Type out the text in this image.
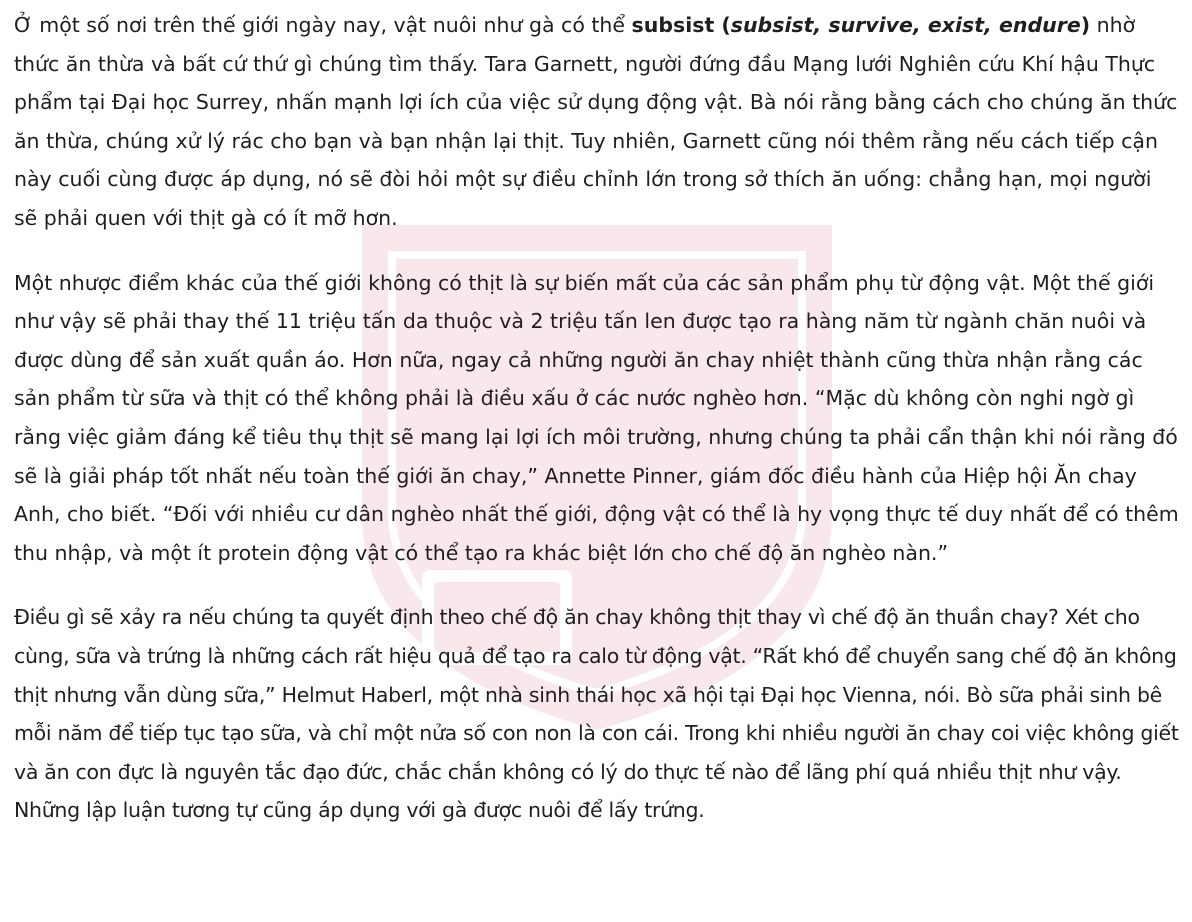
Ở một số nơi trên thế giới ngày nay, vật nuôi như gà có thể subsist (subsist, survive, exist, endure) nhờ thức ăn thừa và bất cứ thứ gì chúng tìm thấy. Tara Garnett, người đứng đầu Mạng lưới Nghiên cứu Khí hậu Thực phẩm tại Đại học Surrey, nhấn mạnh lợi ích của việc sử dụng động vật. Bà nói rằng bằng cách cho chúng ăn thức ăn thừa, chúng xử lý rác cho bạn và bạn nhận lại thịt. Tuy nhiên, Garnett cũng nói thêm rằng nếu cách tiếp cận này cuối cùng được áp dụng, nó sẽ đòi hỏi một sự điều chỉnh lớn trong sở thích ăn uống: chẳng hạn, mọi người sẽ phải quen với thịt gà có ít mỡ hơn.

Một nhược điểm khác của thế giới không có thịt là sự biến mất của các sản phẩm phụ từ động vật. Một thế giới như vậy sẽ phải thay thế 11 triệu tấn da thuộc và 2 triệu tấn len được tạo ra hàng năm từ ngành chăn nuôi và được dùng để sản xuất quần áo. Hơn nữa, ngay cả những người ăn chay nhiệt thành cũng thừa nhận rằng các sản phẩm từ sữa và thịt có thể không phải là điều xấu ở các nước nghèo hơn. “Mặc dù không còn nghi ngờ gì rằng việc giảm đáng kể tiêu thụ thịt sẽ mang lại lợi ích môi trường, nhưng chúng ta phải cẩn thận khi nói rằng đó sẽ là giải pháp tốt nhất nếu toàn thế giới ăn chay,” Annette Pinner, giám đốc điều hành của Hiệp hội Ăn chay Anh, cho biết. “Đối với nhiều cư dân nghèo nhất thế giới, động vật có thể là hy vọng thực tế duy nhất để có thêm thu nhập, và một ít protein động vật có thể tạo ra khác biệt lớn cho chế độ ăn nghèo nàn.”

Điều gì sẽ xảy ra nếu chúng ta quyết định theo chế độ ăn chay không thịt thay vì chế độ ăn thuần chay? Xét cho cùng, sữa và trứng là những cách rất hiệu quả để tạo ra calo từ động vật. “Rất khó để chuyển sang chế độ ăn không thịt nhưng vẫn dùng sữa,” Helmut Haberl, một nhà sinh thái học xã hội tại Đại học Vienna, nói. Bò sữa phải sinh bê mỗi năm để tiếp tục tạo sữa, và chỉ một nửa số con non là con cái. Trong khi nhiều người ăn chay coi việc không giết và ăn con đực là nguyên tắc đạo đức, chắc chắn không có lý do thực tế nào để lãng phí quá nhiều thịt như vậy. Những lập luận tương tự cũng áp dụng với gà được nuôi để lấy trứng.
